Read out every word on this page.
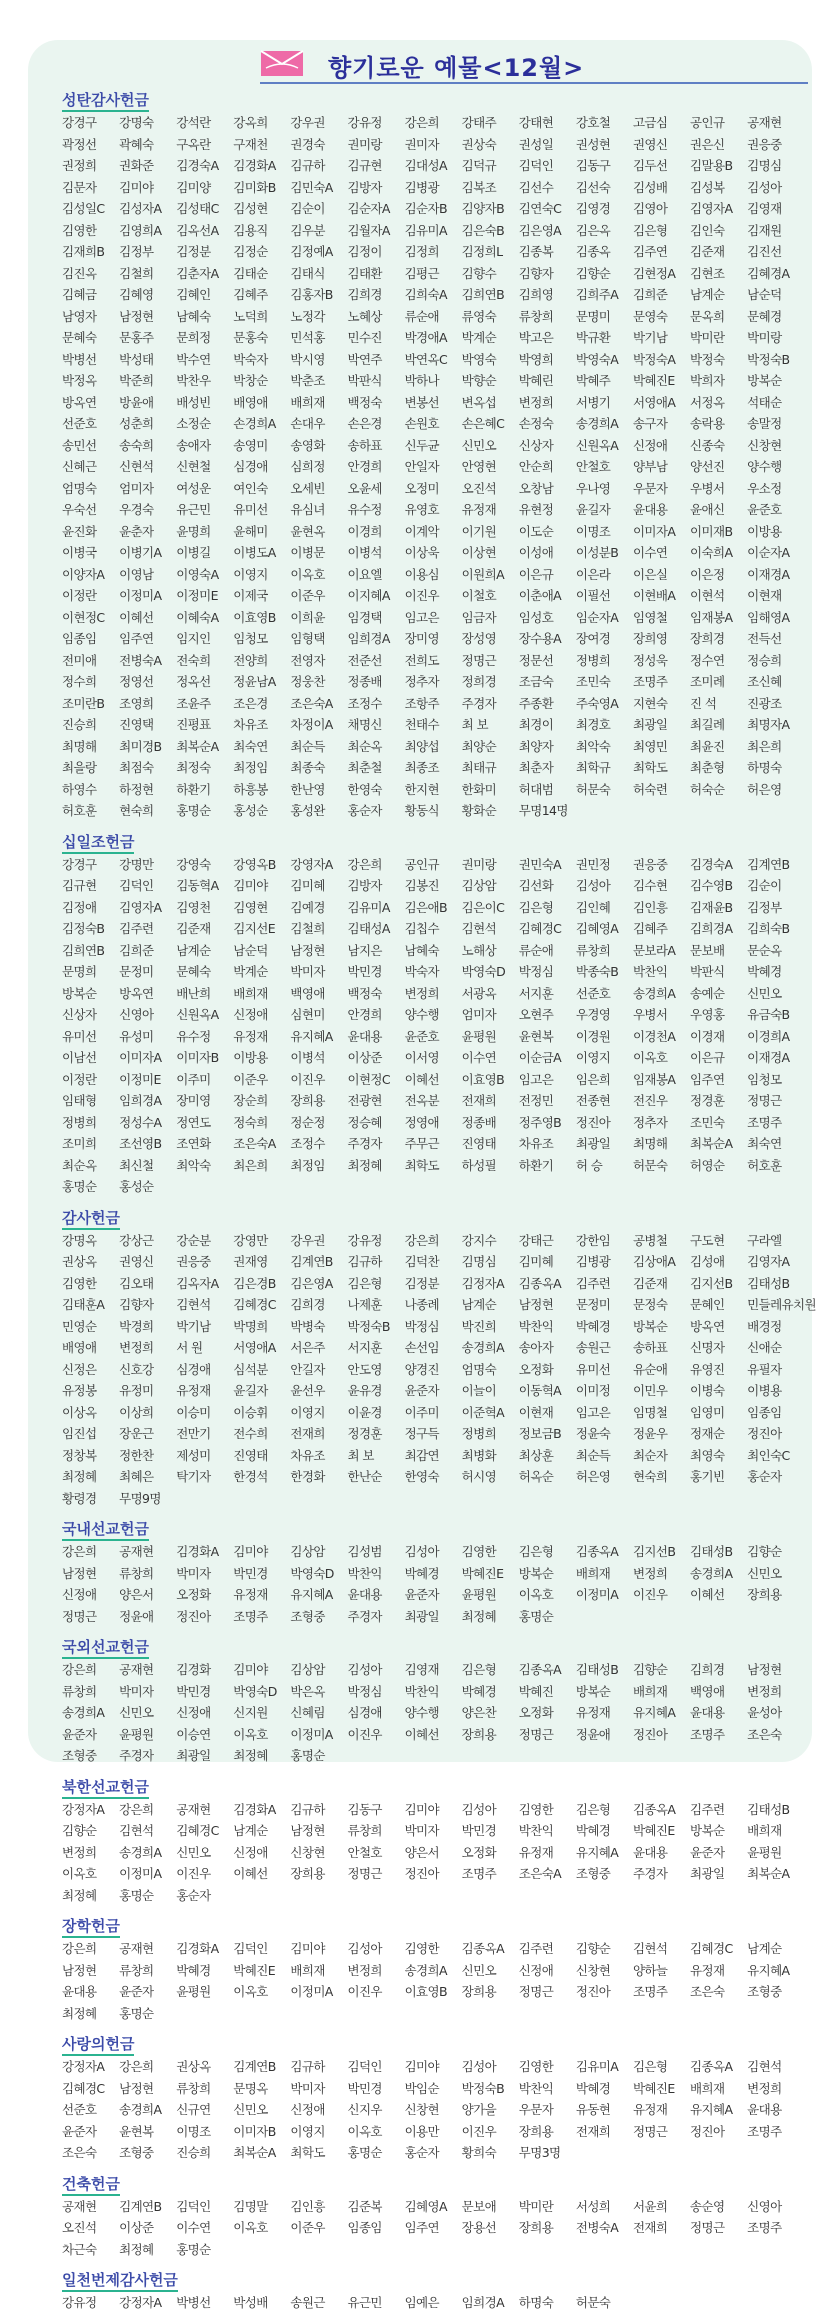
향기로운 예물<12월>
성탄감사헌금
강경구	강명숙	강석란	강옥희	강우권	강유정	강은희	강태주	강태현	강호철	고금심	공인규	공재현
곽정선	곽혜숙	구옥란	구재천	권경숙	권미랑	권미자	권상숙	권성일	권성현	권영신	권은신	권응중
권정희	권화준	김경숙A	김경화A	김규하	김규현	김대성A	김덕규	김덕인	김동구	김두선	김말용B	김명심
김문자	김미야	김미양	김미화B	김민숙A	김방자	김병광	김복조	김선수	김선숙	김성배	김성복	김성아
김성일C	김성자A	김성태C	김성현	김순이	김순자A	김순자B	김양자B	김연숙C	김영경	김영아	김영자A	김영재
김영한	김영희A	김옥선A	김용직	김우분	김월자A	김유미A	김은숙B	김은영A	김은옥	김은형	김인숙	김재원
김재희B	김정부	김정분	김정순	김정예A	김정이	김정희	김정희L	김종복	김종옥	김주연	김준재	김진선
김진옥	김철희	김춘자A	김태순	김태식	김태환	김평근	김향수	김향자	김향순	김현정A	김현조	김혜경A
김혜금	김혜영	김혜인	김혜주	김홍자B	김희경	김희숙A	김희연B	김희영	김희주A	김희준	남계순	남순덕
남영자	남정현	남혜숙	노덕희	노정각	노혜상	류순애	류영숙	류창희	문명미	문영숙	문옥희	문혜경
문혜숙	문홍주	문희정	문홍숙	민석홍	민수진	박경애A	박계순	박고은	박규환	박기남	박미란	박미랑
박병선	박성태	박수연	박숙자	박시영	박연주	박연옥C	박영숙	박영희	박영숙A	박정숙A	박정숙	박정숙B
박정옥	박준희	박찬우	박창순	박춘조	박판식	박하나	박향순	박혜린	박혜주	박혜진E	박희자	방복순
방옥연	방윤애	배성빈	배영애	배희재	백정숙	변봉선	변옥섭	변정희	서병기	서영애A	서정옥	석태순
선준호	성춘희	소정순	손경희A	손대우	손은경	손원호	손은혜C	손정숙	송경희A	송구자	송락용	송말정
송민선	송숙희	송애자	송영미	송영화	송하표	신두균	신민오	신상자	신원옥A	신정애	신종숙	신창현
신혜근	신현석	신현철	심경애	심희정	안경희	안일자	안영현	안순희	안철호	양부남	양선진	양수행
엄명숙	엄미자	여성운	여인숙	오세빈	오윤세	오정미	오진석	오창남	우나영	우문자	우병서	우소정
우숙선	우경숙	유근민	유미선	유심녀	유수정	유영호	유정재	유현정	윤길자	윤대용	윤애신	윤준호
윤진화	윤춘자	윤명희	윤해미	윤현옥	이경희	이계악	이기원	이도순	이명조	이미자A	이미재B	이방용
이병국	이병기A	이병길	이병도A	이병문	이병석	이상욱	이상현	이성애	이성분B	이수연	이숙희A	이순자A
이양자A	이영남	이영숙A	이영지	이옥호	이요엘	이용심	이원희A	이은규	이은라	이은실	이은정	이재경A
이정란	이정미A	이정미E	이제국	이준우	이지혜A	이진우	이철호	이춘애A	이필선	이현배A	이현석	이현재
이현정C	이혜선	이혜숙A	이효영B	이희윤	임경택	임고은	임금자	임성호	임순자A	임영철	임재봉A	임해영A
임종임	임주연	임지인	임청모	임형택	임희경A	장미영	장성영	장수용A	장여경	장희영	장희경	전득선
전미애	전병숙A	전숙희	전양희	전영자	전준선	전희도	정명근	정문선	정병희	정성욱	정수연	정승희
정수희	정영선	정옥선	정윤남A	정웅찬	정종배	정추자	정희경	조금숙	조민숙	조명주	조미례	조신혜
조미란B	조영희	조윤주	조은경	조은숙A	조정수	조항주	주경자	주종환	주숙영A	지현숙	진 석	진광조
진승희	진영택	진평표	차유조	차정이A	채명신	천태수	최 보	최경이	최경호	최광일	최길례	최명자A
최명해	최미경B	최복순A	최숙연	최순득	최순옥	최양섭	최양순	최양자	최악숙	최영민	최윤진	최은희
최을랑	최점숙	최정숙	최정임	최종숙	최춘철	최종조	최태규	최춘자	최학규	최학도	최춘형	하명숙
하영수	하정현	하환기	하흥봉	한난영	한영숙	한지현	한화미	허대범	허문숙	허숙련	허숙순	허은영
허호훈	현숙희	홍명순	홍성순	홍성완	홍순자	황동식	황화순	무명14명
십일조헌금
강경구	강명만	강영숙	강영옥B	강영자A	강은희	공인규	권미랑	권민숙A	권민정	권응중	김경숙A	김계연B
김규현	김덕인	김동혁A	김미야	김미혜	김방자	김봉진	김상암	김선화	김성아	김수현	김수영B	김순이
김정애	김영자A	김영천	김영현	김예경	김유미A	김은애B	김은이C	김은형	김인혜	김인흥	김재윤B	김정부
김정숙B	김주련	김준재	김지선E	김철희	김태성A	김칩수	김현석	김혜경C	김혜영A	김혜주	김희경A	김희숙B
김희연B	김희준	남계순	남순덕	남정현	남지은	남혜숙	노해상	류순애	류창희	문보라A	문보배	문순옥
문명희	문정미	문혜숙	박계순	박미자	박민경	박숙자	박영숙D	박정심	박종숙B	박찬익	박판식	박혜경
방복순	방옥연	배난희	배희재	백영애	백정숙	변정희	서광옥	서지훈	선준호	송경희A	송예순	신민오
신상자	신영아	신원옥A	신정애	심현미	안경희	양수행	엄미자	오현주	우경영	우병서	우영홍	유금숙B
유미선	유성미	유수정	유정재	유지혜A	윤대용	윤준호	윤평원	윤현복	이경원	이경천A	이경재	이경희A
이남선	이미자A	이미자B	이방용	이병석	이상준	이서영	이수연	이순금A	이영지	이옥호	이은규	이재경A
이정란	이정미E	이주미	이준우	이진우	이현정C	이혜선	이효영B	임고은	임은희	임재봉A	임주연	임청모
임태형	임희경A	장미영	장순희	장희용	전광현	전옥분	전재희	전정민	전종현	전진우	정경훈	정명근
정병희	정성수A	정연도	정숙희	정순정	정승혜	정영애	정종배	정주영B	정진아	정추자	조민숙	조명주
조미희	조선영B	조연화	조은숙A	조정수	주경자	주무근	진영태	차유조	최광일	최명해	최복순A	최숙연
최순옥	최신철	최악숙	최은희	최정임	최정혜	최학도	하성필	하환기	허 승	허문숙	허영순	허호훈
홍명순	홍성순
감사헌금
강명옥	강상근	강순분	강영만	강우권	강유정	강은희	강지수	강태근	강한임	공병철	구도현	구라엘
권상옥	권영신	권응중	권재영	김계연B	김규하	김덕찬	김명심	김미혜	김병광	김상애A	김성애	김영자A
김영한	김오태	김옥자A	김은경B	김은영A	김은형	김정분	김정자A	김종옥A	김주련	김준재	김지선B	김태성B
김태훈A	김향자	김현석	김혜경C	김희경	나제훈	나종례	남계순	남정현	문정미	문정숙	문혜인	민들레유치원
민영순	박경희	박기남	박명희	박병숙	박정숙B	박정심	박진희	박찬익	박혜경	방복순	방옥연	배경정
배영애	변정희	서 원	서영애A	서은주	서지훈	손선임	송경희A	송아자	송원근	송하표	신명자	신애순
신정은	신호강	심경애	심석분	안길자	안도영	양경진	엄명숙	오정화	유미선	유순애	유영진	유필자
유정봉	유정미	유정재	윤길자	윤선우	윤유경	윤준자	이늘이	이동혁A	이미정	이민우	이병숙	이병용
이상옥	이상희	이승미	이승휘	이영지	이윤경	이주미	이준혁A	이현재	임고은	임명철	임영미	임종임
임진섭	장운근	전만기	전수희	전재희	정경훈	정구득	정병희	정보금B	정윤숙	정윤우	정재순	정진아
정창복	정한찬	제성미	진영태	차유조	최 보	최감연	최병화	최상훈	최순득	최순자	최영숙	최인숙C
최정혜	최혜은	탁기자	한경석	한경화	한난순	한영숙	허시영	허옥순	허은영	현숙희	홍기빈	홍순자
황령경	무명9명
국내선교헌금
강은희	공재현	김경화A	김미야	김상암	김성범	김성아	김영한	김은형	김종옥A	김지선B	김태성B	김향순
남정현	류창희	박미자	박민경	박영숙D	박찬익	박혜경	박혜진E	방복순	배희재	변정희	송경희A	신민오
신정애	양은서	오정화	유정재	유지혜A	윤대용	윤준자	윤평원	이옥호	이정미A	이진우	이혜선	장희용
정명근	정윤애	정진아	조명주	조형중	주경자	최광일	최정혜	홍명순
국외선교헌금
강은희	공재현	김경화	김미야	김상암	김성아	김영재	김은형	김종옥A	김태성B	김향순	김희경	남정현
류창희	박미자	박민경	박영숙D	박은옥	박정심	박찬익	박혜경	박혜진	방복순	배희재	백영애	변정희
송경희A	신민오	신정애	신지원	신혜림	심경애	양수행	양은찬	오정화	유정재	유지혜A	윤대용	윤성아
윤준자	윤평원	이승연	이옥호	이정미A	이진우	이혜선	장희용	정명근	정윤애	정진아	조명주	조은숙
조형중	주경자	최광일	최정혜	홍명순
북한선교헌금
강정자A	강은희	공재현	김경화A	김규하	김동구	김미야	김성아	김영한	김은형	김종옥A	김주련	김태성B
김향순	김현석	김혜경C	남계순	남정현	류창희	박미자	박민경	박찬익	박혜경	박혜진E	방복순	배희재
변정희	송경희A	신민오	신정애	신창현	안철호	양은서	오정화	유정재	유지혜A	윤대용	윤준자	윤평원
이옥호	이정미A	이진우	이혜선	장희용	정명근	정진아	조명주	조은숙A	조형중	주경자	최광일	최복순A
최정혜	홍명순	홍순자
장학헌금
강은희	공재현	김경화A	김덕인	김미야	김성아	김영한	김종옥A	김주련	김향순	김현석	김혜경C	남계순
남정현	류창희	박혜경	박혜진E	배희재	변정희	송경희A	신민오	신정애	신창현	양하늘	유정재	유지혜A
윤대용	윤준자	윤평원	이옥호	이정미A	이진우	이효영B	장희용	정명근	정진아	조명주	조은숙	조형중
최정혜	홍명순
사랑의헌금
강정자A	강은희	권상옥	김계연B	김규하	김덕인	김미야	김성아	김영한	김유미A	김은형	김종옥A	김현석
김혜경C	남정현	류창희	문명옥	박미자	박민경	박임순	박정숙B	박찬익	박혜경	박혜진E	배희재	변정희
선준호	송경희A	신규연	신민오	신정애	신지우	신창현	양가을	우문자	유동현	유정재	유지혜A	윤대용
윤준자	윤현복	이명조	이미자B	이영지	이옥호	이용만	이진우	장희용	전재희	정명근	정진아	조명주
조은숙	조형중	진승희	최복순A	최학도	홍명순	홍순자	황희숙	무명3명
건축헌금
공재현	김계연B	김덕인	김명말	김인흥	김준복	김혜영A	문보애	박미란	서성희	서윤희	송순영	신영아
오진석	이상준	이수연	이옥호	이준우	임종임	임주연	장용선	장희용	전병숙A	전재희	정명근	조명주
차근숙	최정혜	홍명순
일천번제감사헌금
강유정	강정자A	박병선	박성배	송원근	유근민	임예은	임희경A	하명숙	허문숙
